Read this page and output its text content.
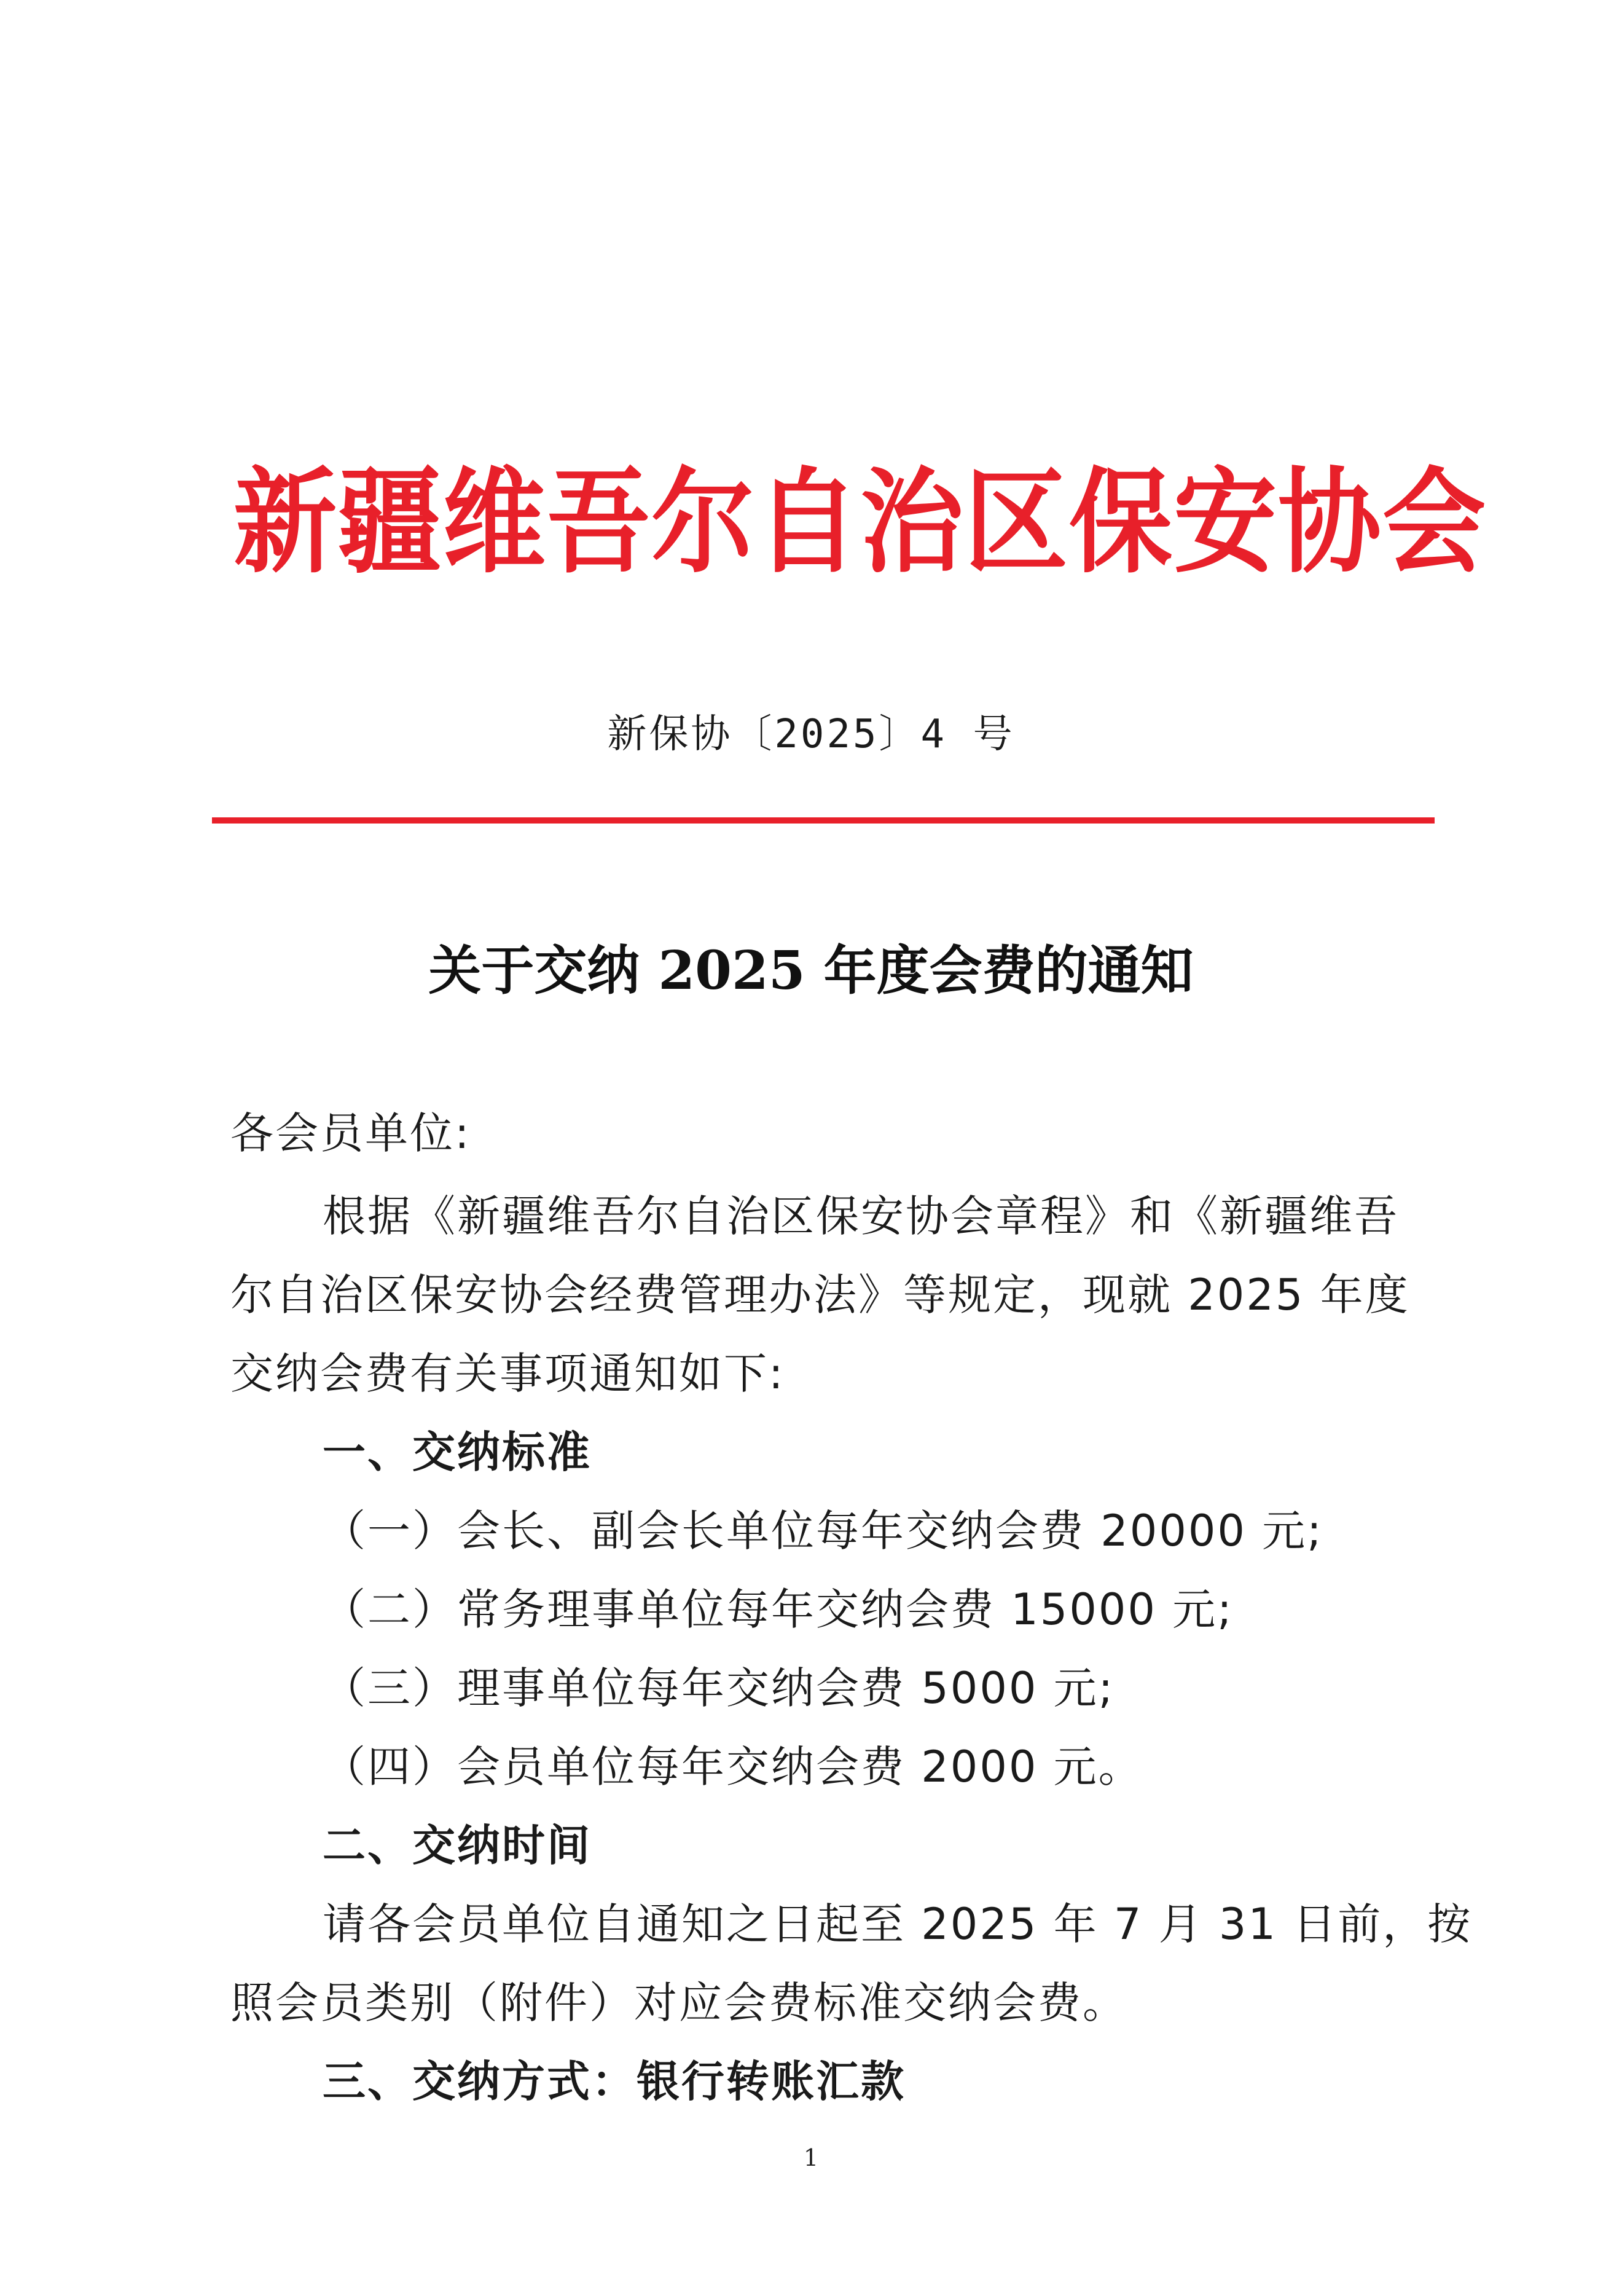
新疆维吾尔自治区保安协会
新保协〔2025〕4 号
关于交纳 2025 年度会费的通知
各会员单位:
根据《新疆维吾尔自治区保安协会章程》和《新疆维吾
尔自治区保安协会经费管理办法》等规定，现就 2025 年度
交纳会费有关事项通知如下:
一、交纳标准
（一）会长、副会长单位每年交纳会费 20000 元;
（二）常务理事单位每年交纳会费 15000 元;
（三）理事单位每年交纳会费 5000 元;
（四）会员单位每年交纳会费 2000 元。
二、交纳时间
请各会员单位自通知之日起至 2025 年 7 月 31 日前，按
照会员类别（附件）对应会费标准交纳会费。
三、交纳方式：银行转账汇款
1
